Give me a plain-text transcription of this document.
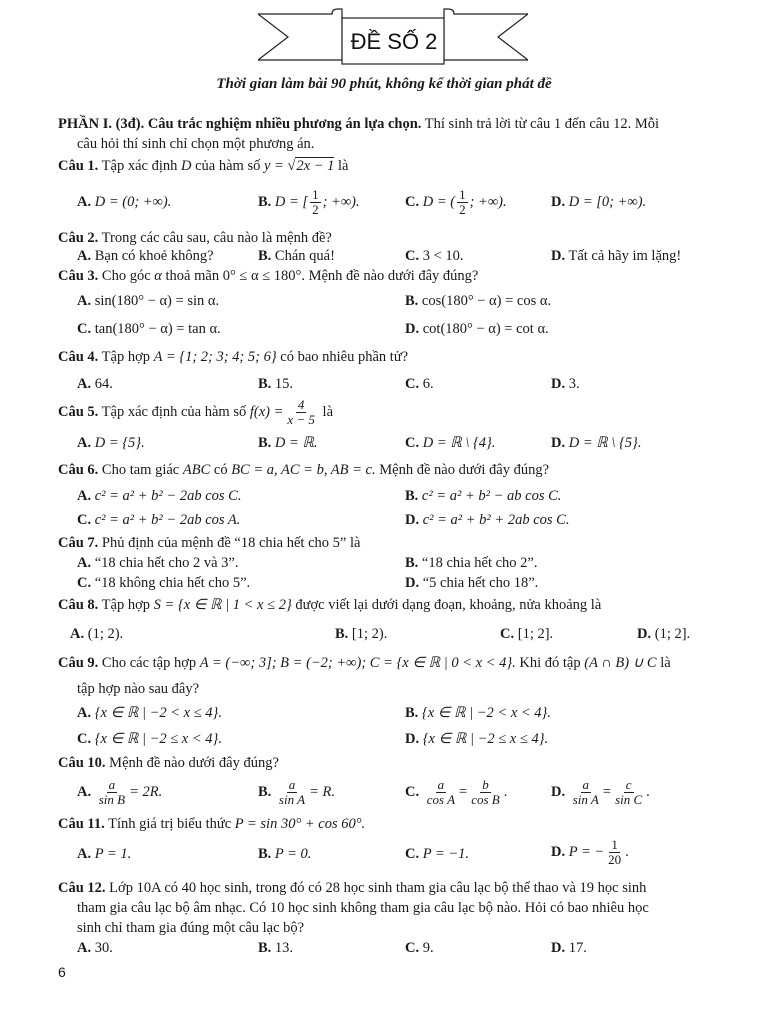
ĐỀ SỐ 2
Thời gian làm bài 90 phút, không kể thời gian phát đề
PHẦN I. (3đ). Câu trắc nghiệm nhiều phương án lựa chọn. Thí sinh trả lời từ câu 1 đến câu 12. Mỗi
câu hỏi thí sinh chỉ chọn một phương án.
Câu 1. Tập xác định D của hàm số y = √2x − 1 là
A. D = (0; +∞).	B. D = [ $\frac{1}{2}$ ; +∞).	C. D = ( $\frac{1}{2}$ ; +∞).	D. D = [0; +∞).
Câu 2. Trong các câu sau, câu nào là mệnh đề?
A. Bạn có khoẻ không?	B. Chán quá!	C. 3 < 10.	D. Tất cả hãy im lặng!
Câu 3. Cho góc α thoả mãn 0° ≤ α ≤ 180°. Mệnh đề nào dưới đây đúng?
A. sin(180° − α) = sin α.	B. cos(180° − α) = cos α.
C. tan(180° − α) = tan α.	D. cot(180° − α) = cot α.
Câu 4. Tập hợp A = {1; 2; 3; 4; 5; 6} có bao nhiêu phần tử?
A. 64.	B. 15.	C. 6.	D. 3.
Câu 5. Tập xác định của hàm số $f(x) = \frac{4}{x - 5}$ là
A. D = {5}.	B. D = ℝ.	C. D = ℝ \ {4}.	D. D = ℝ \ {5}.
Câu 6. Cho tam giác ABC có BC = a, AC = b, AB = c. Mệnh đề nào dưới đây đúng?
A. c² = a² + b² − 2ab cos C.	B. c² = a² + b² − ab cos C.
C. c² = a² + b² − 2ab cos A.	D. c² = a² + b² + 2ab cos C.
Câu 7. Phủ định của mệnh đề “18 chia hết cho 5” là
A. “18 chia hết cho 2 và 3”.	B. “18 chia hết cho 2”.
C. “18 không chia hết cho 5”.	D. “5 chia hết cho 18”.
Câu 8. Tập hợp S = {x ∈ ℝ | 1 < x ≤ 2} được viết lại dưới dạng đoạn, khoảng, nửa khoảng là
A. (1; 2).	B. [1; 2).	C. [1; 2].	D. (1; 2].
Câu 9. Cho các tập hợp A = (−∞; 3]; B = (−2; +∞); C = {x ∈ ℝ | 0 < x < 4}. Khi đó tập (A ∩ B) ∪ C là
tập hợp nào sau đây?
A. {x ∈ ℝ | −2 < x ≤ 4}.	B. {x ∈ ℝ | −2 < x < 4}.
C. {x ∈ ℝ | −2 ≤ x < 4}.	D. {x ∈ ℝ | −2 ≤ x ≤ 4}.
Câu 10. Mệnh đề nào dưới đây đúng?
A. $\frac{a}{\text{sin B}} = 2R$.	B. $\frac{a}{\text{sin A}} = R$.	C. $\frac{a}{\text{cos A}} = \frac{b}{\text{cos B}}$ .	D. $\frac{a}{\text{sin A}} = \frac{c}{\text{sin C}}$ .
Câu 11. Tính giá trị biểu thức P = sin 30° + cos 60°.
A. P = 1.	B. P = 0.	C. P = −1.	D. P = − $\frac{1}{20}$ .
Câu 12. Lớp 10A có 40 học sinh, trong đó có 28 học sinh tham gia câu lạc bộ thể thao và 19 học sinh
tham gia câu lạc bộ âm nhạc. Có 10 học sinh không tham gia câu lạc bộ nào. Hỏi có bao nhiêu học
sinh chỉ tham gia đúng một câu lạc bộ?
A. 30.	B. 13.	C. 9.	D. 17.
6
